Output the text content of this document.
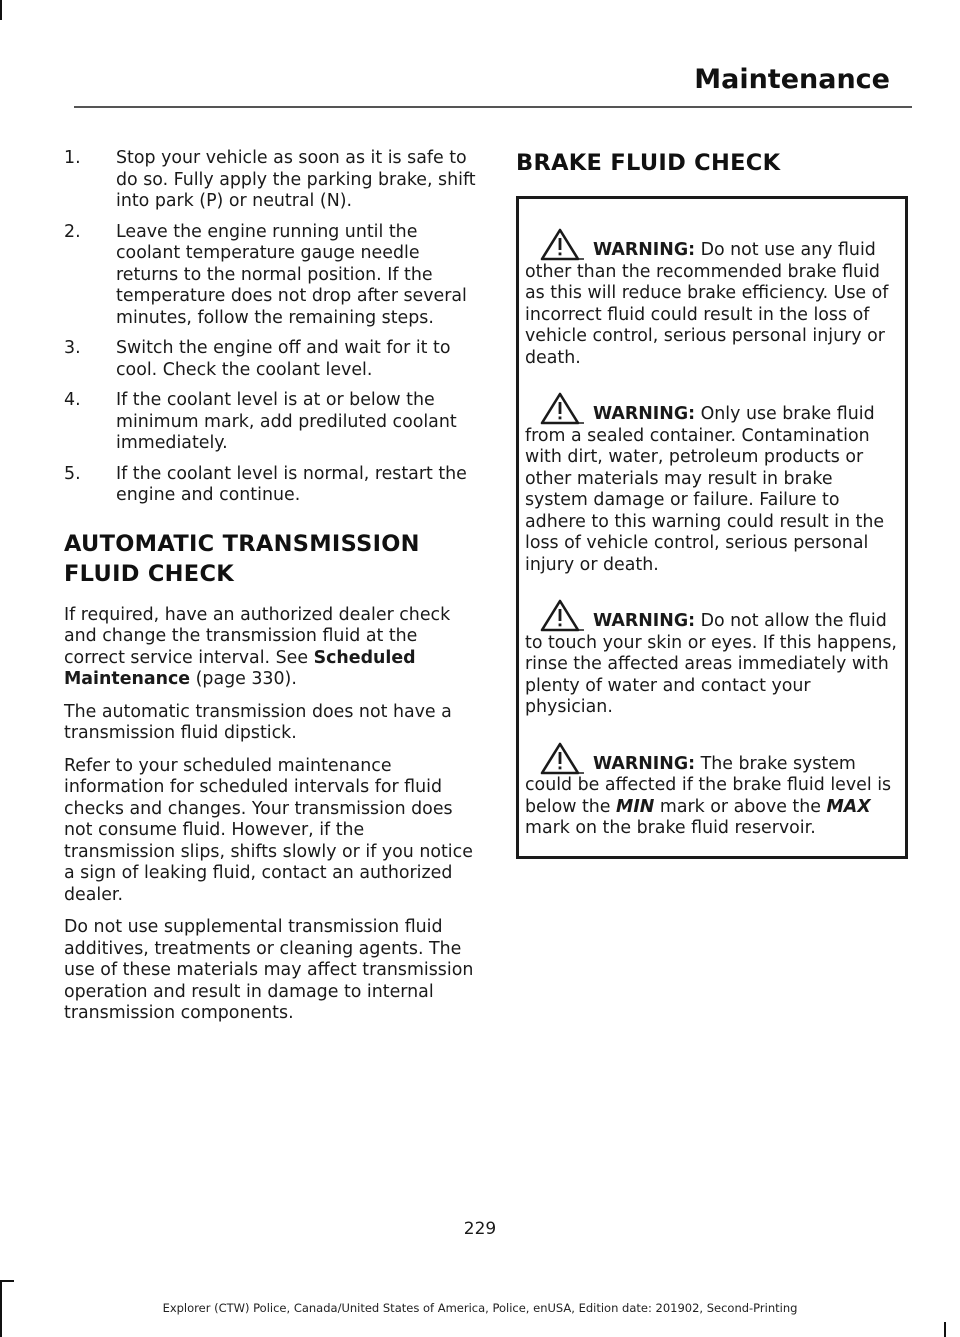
Maintenance
1. Stop your vehicle as soon as it is safe to do so. Fully apply the parking brake, shift into park (P) or neutral (N).
2. Leave the engine running until the coolant temperature gauge needle returns to the normal position. If the temperature does not drop after several minutes, follow the remaining steps.
3. Switch the engine off and wait for it to cool. Check the coolant level.
4. If the coolant level is at or below the minimum mark, add prediluted coolant immediately.
5. If the coolant level is normal, restart the engine and continue.
AUTOMATIC TRANSMISSION
FLUID CHECK

If required, have an authorized dealer check and change the transmission fluid at the correct service interval. See Scheduled Maintenance (page 330).

The automatic transmission does not have a transmission fluid dipstick.

Refer to your scheduled maintenance information for scheduled intervals for fluid checks and changes. Your transmission does not consume fluid. However, if the transmission slips, shifts slowly or if you notice a sign of leaking fluid, contact an authorized dealer.

Do not use supplemental transmission fluid additives, treatments or cleaning agents. The use of these materials may affect transmission operation and result in damage to internal transmission components.

BRAKE FLUID CHECK
WARNING: Do not use any fluid other than the recommended brake fluid as this will reduce brake efficiency. Use of incorrect fluid could result in the loss of vehicle control, serious personal injury or death.
WARNING: Only use brake fluid from a sealed container. Contamination with dirt, water, petroleum products or other materials may result in brake system damage or failure. Failure to adhere to this warning could result in the loss of vehicle control, serious personal injury or death.
WARNING: Do not allow the fluid to touch your skin or eyes. If this happens, rinse the affected areas immediately with plenty of water and contact your physician.
WARNING: The brake system could be affected if the brake fluid level is below the MIN mark or above the MAX mark on the brake fluid reservoir.
229
Explorer (CTW) Police, Canada/United States of America, Police, enUSA, Edition date: 201902, Second-Printing
